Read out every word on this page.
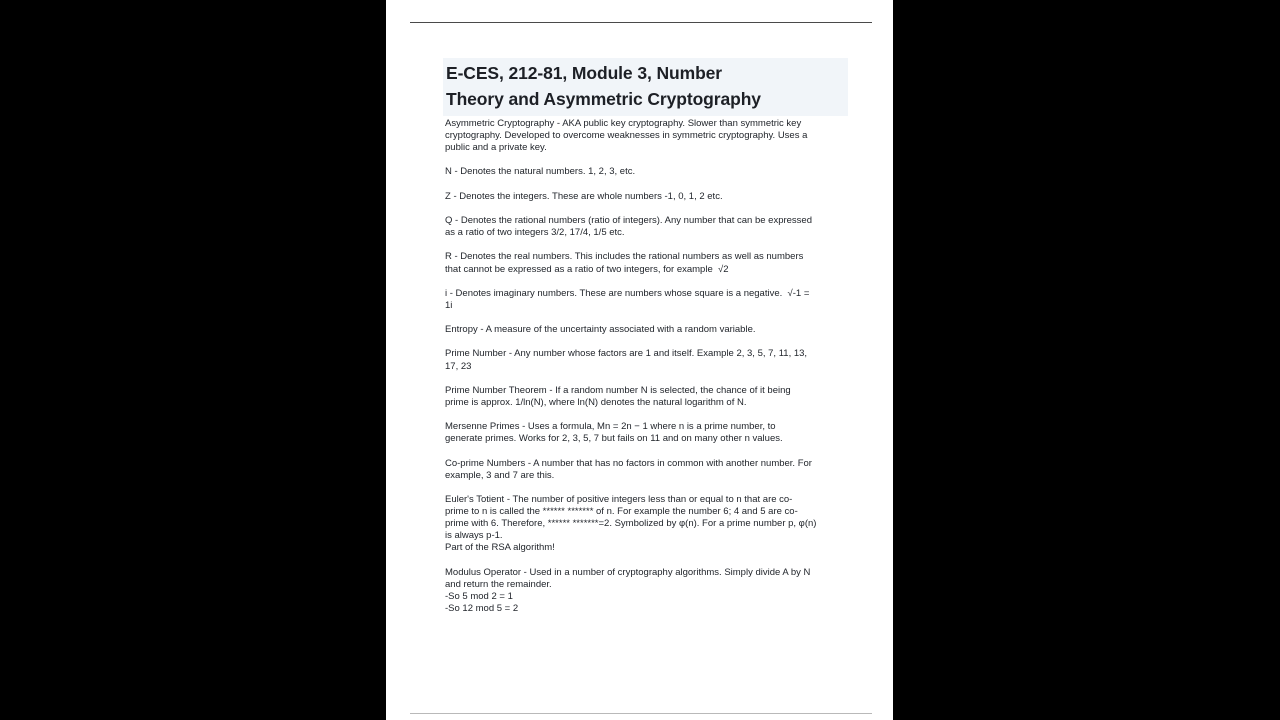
E-CES, 212-81, Module 3, Number
Theory and Asymmetric Cryptography
Asymmetric Cryptography - AKA public key cryptography. Slower than symmetric key
cryptography. Developed to overcome weaknesses in symmetric cryptography. Uses a
public and a private key.
N - Denotes the natural numbers. 1, 2, 3, etc.
Z - Denotes the integers. These are whole numbers -1, 0, 1, 2 etc.
Q - Denotes the rational numbers (ratio of integers). Any number that can be expressed
as a ratio of two integers 3/2, 17/4, 1/5 etc.
R - Denotes the real numbers. This includes the rational numbers as well as numbers
that cannot be expressed as a ratio of two integers, for example  √2
i - Denotes imaginary numbers. These are numbers whose square is a negative.  √-1 =
1i
Entropy - A measure of the uncertainty associated with a random variable.
Prime Number - Any number whose factors are 1 and itself. Example 2, 3, 5, 7, 11, 13,
17, 23
Prime Number Theorem - If a random number N is selected, the chance of it being
prime is approx. 1/ln(N), where ln(N) denotes the natural logarithm of N.
Mersenne Primes - Uses a formula, Mn = 2n − 1 where n is a prime number, to
generate primes. Works for 2, 3, 5, 7 but fails on 11 and on many other n values.
Co-prime Numbers - A number that has no factors in common with another number. For
example, 3 and 7 are this.
Euler's Totient - The number of positive integers less than or equal to n that are co-
prime to n is called the ****** ******* of n. For example the number 6; 4 and 5 are co-
prime with 6. Therefore, ****** *******=2. Symbolized by φ(n). For a prime number p, φ(n)
is always p-1.
Part of the RSA algorithm!
Modulus Operator - Used in a number of cryptography algorithms. Simply divide A by N
and return the remainder.
-So 5 mod 2 = 1
-So 12 mod 5 = 2
